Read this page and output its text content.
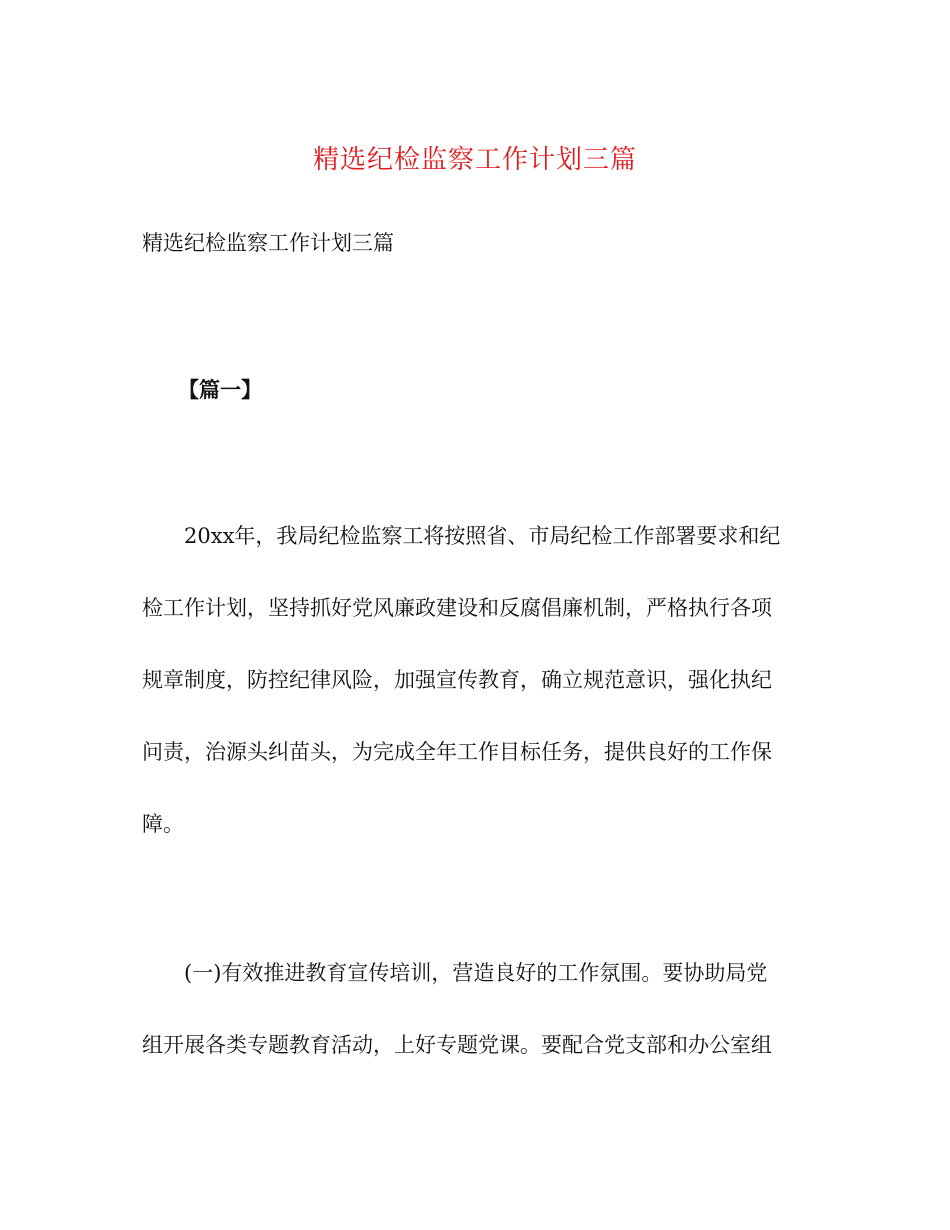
精选纪检监察工作计划三篇
精选纪检监察工作计划三篇
【篇一】
20xx年，我局纪检监察工将按照省、市局纪检工作部署要求和纪
检工作计划，坚持抓好党风廉政建设和反腐倡廉机制，严格执行各项
规章制度，防控纪律风险，加强宣传教育，确立规范意识，强化执纪
问责，治源头纠苗头，为完成全年工作目标任务，提供良好的工作保
障。
(一)有效推进教育宣传培训，营造良好的工作氛围。要协助局党
组开展各类专题教育活动，上好专题党课。要配合党支部和办公室组
